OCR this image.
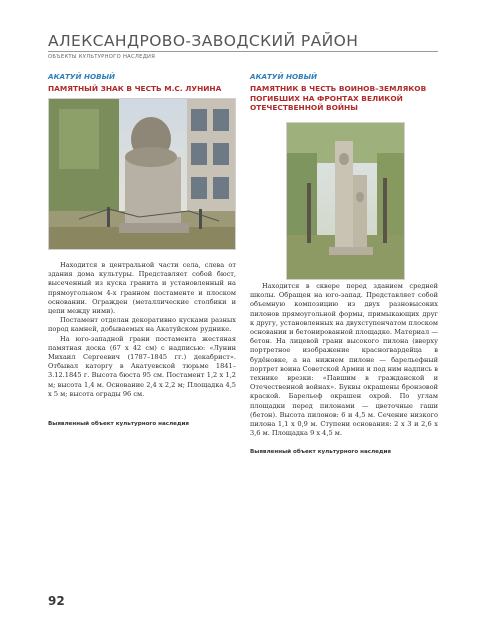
АЛЕКСАНДРОВО-ЗАВОДСКИЙ РАЙОН
ОБЪЕКТЫ КУЛЬТУРНОГО НАСЛЕДИЯ
АКАТУЙ НОВЫЙ
ПАМЯТНЫЙ ЗНАК В ЧЕСТЬ М.С. ЛУНИНА

Находится в центральной части села, слева от здания дома культуры. Представляет собой бюст, высеченный из куска гранита и установленный на прямоугольном 4-х гранном постаменте и плоском основании. Огражден (металлические столбики и цепи между ними).

Постамент отделан декоративно кусками разных пород камней, добываемых на Акатуйском руднике.

На юго-западной грани постамента жестяная памятная доска (67 х 42 см) с надписью: «Лунин Михаил Сергеевич (1787–1845 гг.) декабрист». Отбывал каторгу в Акатуевской тюрьме 1841–3.12.1845 г. Высота бюста 95 см. Постамент 1,2 х 1,2 м; высота 1,4 м. Основание 2,4 х 2,2 м; Площадка 4,5 х 5 м; высота ограды 96 см.

Выявленный объект культурного наследия
АКАТУЙ НОВЫЙ
ПАМЯТНИК В ЧЕСТЬ ВОИНОВ–ЗЕМЛЯКОВ ПОГИБШИХ НА ФРОНТАХ ВЕЛИКОЙ ОТЕЧЕСТВЕННОЙ ВОЙНЫ

Находится в сквере перед зданием средней школы. Обращен на юго-запад. Представляет собой объемную композицию из двух разновысоких пилонов прямоугольной формы, примыкающих друг к другу, установленных на двухступенчатом плоском основании и бетонированной площадке. Материал — бетон. На лицевой грани высокого пилона (вверху портретное изображение красногвардейца в будёновке, а на нижнем пилоне — барельефный портрет воина Советской Армии и под ним надпись в технике врезки: «Павшим в гражданской и Отечественной войнах». Буквы окрашены бронзовой краской. Барельеф окрашен охрой. По углам площадки перед пилонами — цветочные гаши (бетон). Высота пилонов: 6 и 4,5 м. Сечение низкого пилона 1,1 х 0,9 м. Ступени основания: 2 х 3 и 2,6 х 3,6 м. Площадка 9 х 4,5 м.

Выявленный объект культурного наследия
92
